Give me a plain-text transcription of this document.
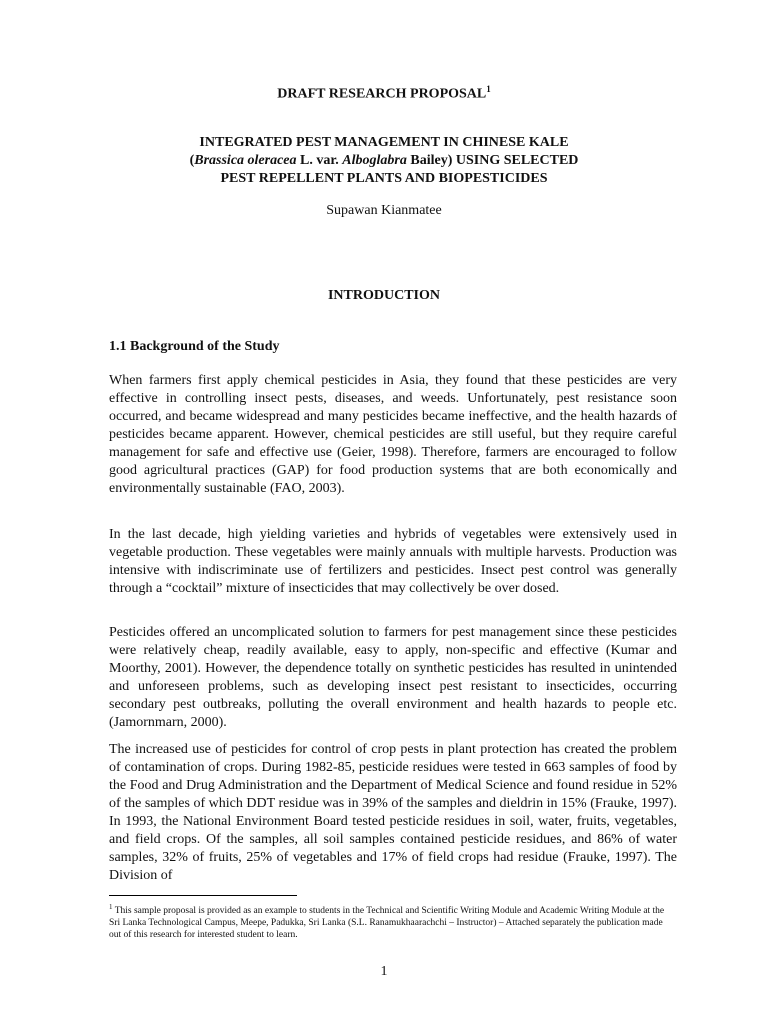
DRAFT RESEARCH PROPOSAL$^1$
INTEGRATED PEST MANAGEMENT IN CHINESE KALE
(Brassica oleracea L. var. Alboglabra Bailey) USING SELECTED
PEST REPELLENT PLANTS AND BIOPESTICIDES
Supawan Kianmatee
INTRODUCTION
1.1 Background of the Study

When farmers first apply chemical pesticides in Asia, they found that these pesticides are very effective in controlling insect pests, diseases, and weeds. Unfortunately, pest resistance soon occurred, and became widespread and many pesticides became ineffective, and the health hazards of pesticides became apparent. However, chemical pesticides are still useful, but they require careful management for safe and effective use (Geier, 1998). Therefore, farmers are encouraged to follow good agricultural practices (GAP) for food production systems that are both economically and environmentally sustainable (FAO, 2003).

In the last decade, high yielding varieties and hybrids of vegetables were extensively used in vegetable production. These vegetables were mainly annuals with multiple harvests. Production was intensive with indiscriminate use of fertilizers and pesticides. Insect pest control was generally through a “cocktail” mixture of insecticides that may collectively be over dosed.

Pesticides offered an uncomplicated solution to farmers for pest management since these pesticides were relatively cheap, readily available, easy to apply, non-specific and effective (Kumar and Moorthy, 2001). However, the dependence totally on synthetic pesticides has resulted in unintended and unforeseen problems, such as developing insect pest resistant to insecticides, occurring secondary pest outbreaks, polluting the overall environment and health hazards to people etc. (Jamornmarn, 2000).

The increased use of pesticides for control of crop pests in plant protection has created the problem of contamination of crops. During 1982-85, pesticide residues were tested in 663 samples of food by the Food and Drug Administration and the Department of Medical Science and found residue in 52% of the samples of which DDT residue was in 39% of the samples and dieldrin in 15% (Frauke, 1997). In 1993, the National Environment Board tested pesticide residues in soil, water, fruits, vegetables, and field crops. Of the samples, all soil samples contained pesticide residues, and 86% of water samples, 32% of fruits, 25% of vegetables and 17% of field crops had residue (Frauke, 1997). The Division of

$^1$ This sample proposal is provided as an example to students in the Technical and Scientific Writing Module and Academic Writing Module at the Sri Lanka Technological Campus, Meepe, Padukka, Sri Lanka (S.L. Ranamukhaarachchi – Instructor) – Attached separately the publication made out of this research for interested student to learn.

1
